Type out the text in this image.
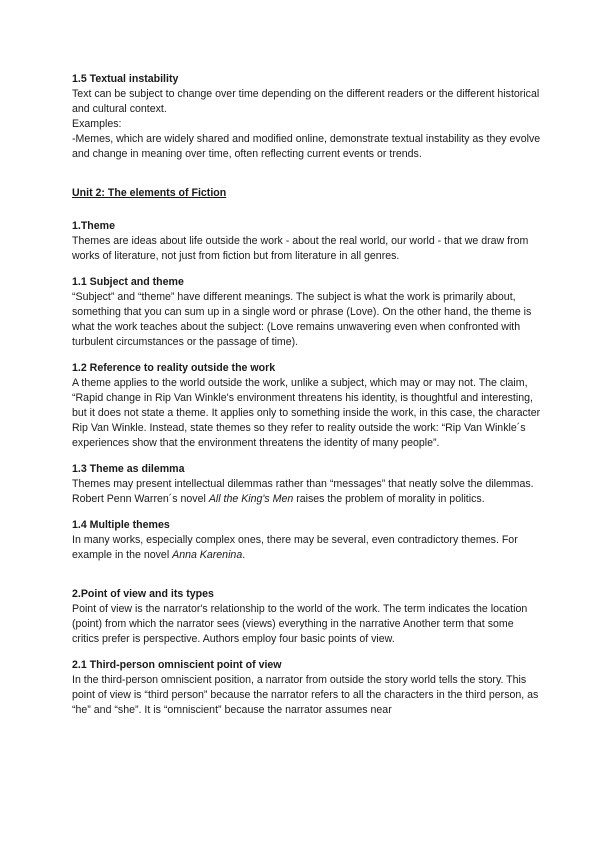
1.5 Textual instability

Text can be subject to change over time depending on the different readers or the different historical and cultural context.

Examples:

-Memes, which are widely shared and modified online, demonstrate textual instability as they evolve and change in meaning over time, often reflecting current events or trends.

Unit 2: The elements of Fiction
1.Theme

Themes are ideas about life outside the work - about the real world, our world - that we draw from works of literature, not just from fiction but from literature in all genres.

1.1 Subject and theme

“Subject” and “theme” have different meanings. The subject is what the work is primarily about, something that you can sum up in a single word or phrase (Love). On the other hand, the theme is what the work teaches about the subject: (Love remains unwavering even when confronted with turbulent circumstances or the passage of time).

1.2 Reference to reality outside the work

A theme applies to the world outside the work, unlike a subject, which may or may not. The claim, “Rapid change in Rip Van Winkle's environment threatens his identity, is thoughtful and interesting, but it does not state a theme. It applies only to something inside the work, in this case, the character Rip Van Winkle. Instead, state themes so they refer to reality outside the work: “Rip Van Winkle´s experiences show that the environment threatens the identity of many people”.

1.3 Theme as dilemma

Themes may present intellectual dilemmas rather than “messages” that neatly solve the dilemmas. Robert Penn Warren´s novel All the King's Men raises the problem of morality in politics.

1.4 Multiple themes

In many works, especially complex ones, there may be several, even contradictory themes. For example in the novel Anna Karenina.

2.Point of view and its types

Point of view is the narrator's relationship to the world of the work. The term indicates the location (point) from which the narrator sees (views) everything in the narrative Another term that some critics prefer is perspective. Authors employ four basic points of view.

2.1 Third-person omniscient point of view

In the third-person omniscient position, a narrator from outside the story world tells the story. This point of view is “third person” because the narrator refers to all the characters in the third person, as “he” and “she”. It is “omniscient” because the narrator assumes near
